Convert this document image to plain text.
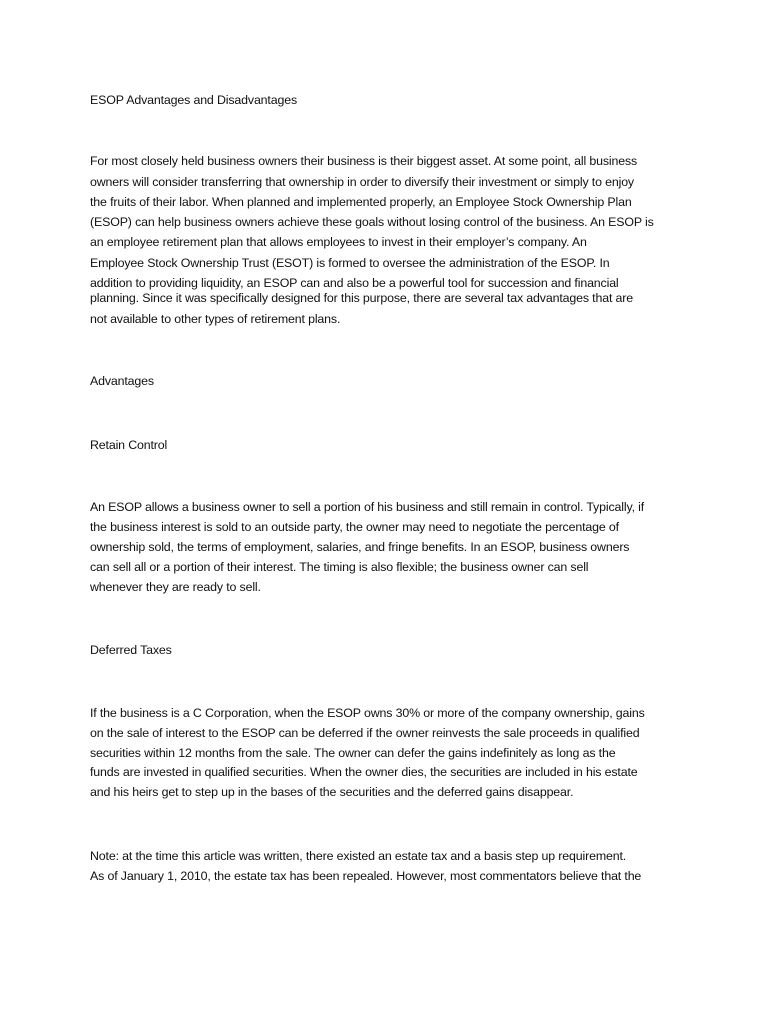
ESOP Advantages and Disadvantages
For most closely held business owners their business is their biggest asset. At some point, all business
owners will consider transferring that ownership in order to diversify their investment or simply to enjoy
the fruits of their labor. When planned and implemented properly, an Employee Stock Ownership Plan
(ESOP) can help business owners achieve these goals without losing control of the business. An ESOP is
an employee retirement plan that allows employees to invest in their employer’s company. An
Employee Stock Ownership Trust (ESOT) is formed to oversee the administration of the ESOP. In
addition to providing liquidity, an ESOP can and also be a powerful tool for succession and financial
planning. Since it was specifically designed for this purpose, there are several tax advantages that are
not available to other types of retirement plans.
Advantages
Retain Control
An ESOP allows a business owner to sell a portion of his business and still remain in control. Typically, if
the business interest is sold to an outside party, the owner may need to negotiate the percentage of
ownership sold, the terms of employment, salaries, and fringe benefits. In an ESOP, business owners
can sell all or a portion of their interest. The timing is also flexible; the business owner can sell
whenever they are ready to sell.
Deferred Taxes
If the business is a C Corporation, when the ESOP owns 30% or more of the company ownership, gains
on the sale of interest to the ESOP can be deferred if the owner reinvests the sale proceeds in qualified
securities within 12 months from the sale. The owner can defer the gains indefinitely as long as the
funds are invested in qualified securities. When the owner dies, the securities are included in his estate
and his heirs get to step up in the bases of the securities and the deferred gains disappear.
Note: at the time this article was written, there existed an estate tax and a basis step up requirement.
As of January 1, 2010, the estate tax has been repealed. However, most commentators believe that the
